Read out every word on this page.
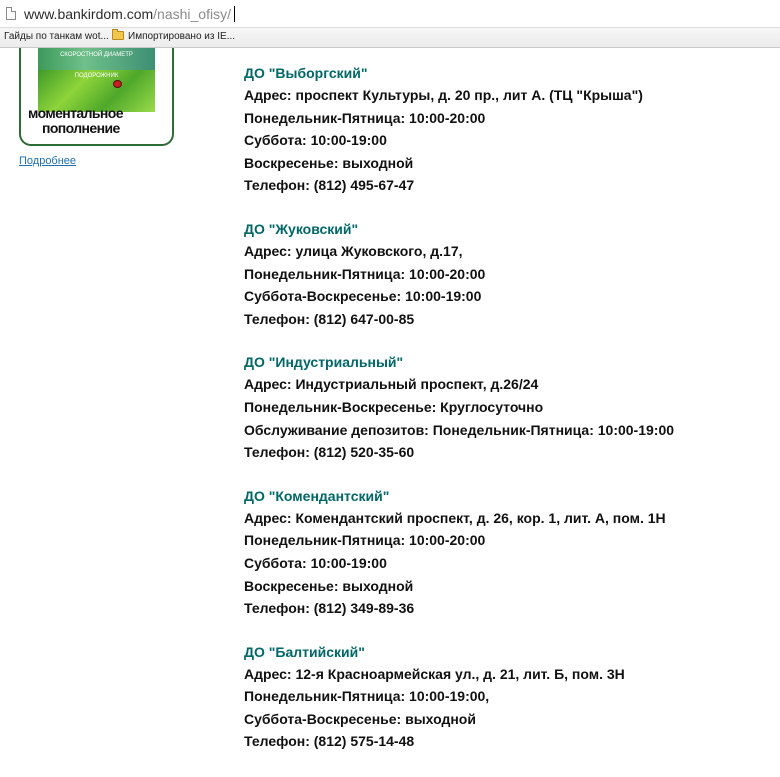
www.bankirdom.com/nashi_ofisy/
Гайды по танкам wot...	Импортировано из IE...
СКОРОСТНОЙ ДИАМЕТР
ПОДОРОЖНИК
моментальное
пополнение
Подробнее
ДО "Выборгский"
Адрес: проспект Культуры, д. 20 пр., лит А. (ТЦ "Крыша")
Понедельник-Пятница: 10:00-20:00
Суббота: 10:00-19:00
Воскресенье: выходной
Телефон: (812) 495-67-47
ДО "Жуковский"
Адрес: улица Жуковского, д.17,
Понедельник-Пятница: 10:00-20:00
Суббота-Воскресенье: 10:00-19:00
Телефон: (812) 647-00-85
ДО "Индустриальный"
Адрес: Индустриальный проспект, д.26/24
Понедельник-Воскресенье: Круглосуточно
Обслуживание депозитов: Понедельник-Пятница: 10:00-19:00
Телефон: (812) 520-35-60
ДО "Комендантский"
Адрес: Комендантский проспект, д. 26, кор. 1, лит. А, пом. 1Н
Понедельник-Пятница: 10:00-20:00
Суббота: 10:00-19:00
Воскресенье: выходной
Телефон: (812) 349-89-36
ДО "Балтийский"
Адрес: 12-я Красноармейская ул., д. 21, лит. Б, пом. 3Н
Понедельник-Пятница: 10:00-19:00,
Суббота-Воскресенье: выходной
Телефон: (812) 575-14-48
